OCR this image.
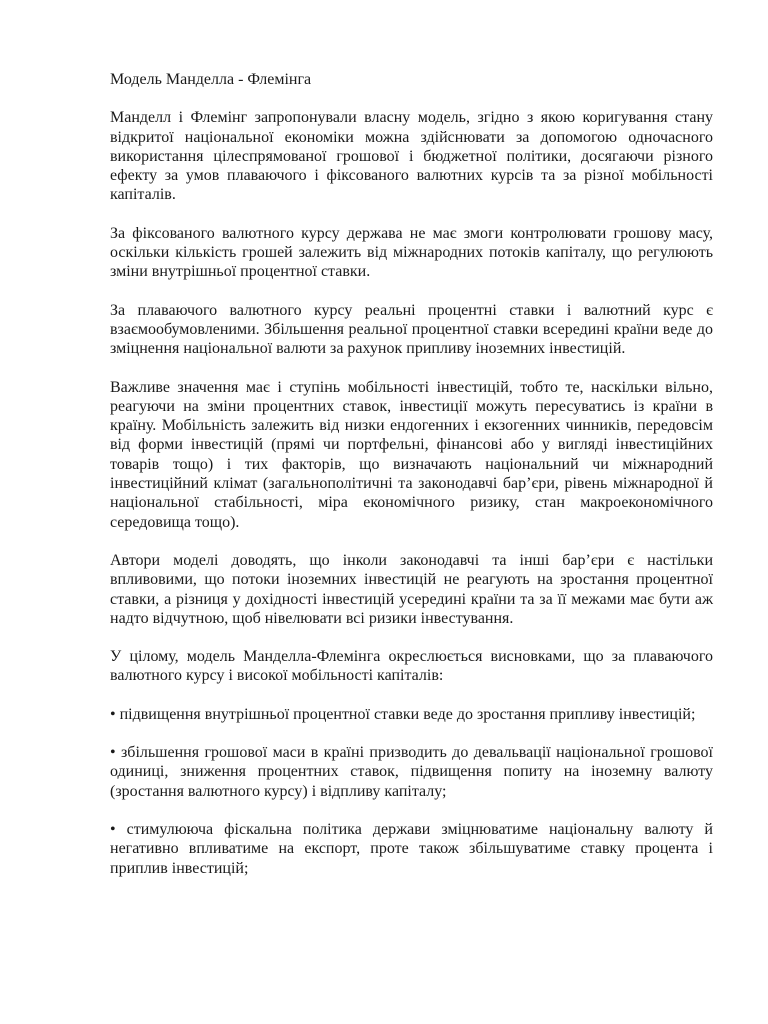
Модель Манделла - Флемінга

Манделл і Флемінг запропонували власну модель, згідно з якою коригування стану відкритої національної економіки можна здійснювати за допомогою одночасного використання цілеспрямованої грошової і бюджетної політики, досягаючи різного ефекту за умов плаваючого і фіксованого валютних курсів та за різної мобільності капіталів.

За фіксованого валютного курсу держава не має змоги контролювати грошову масу, оскільки кількість грошей залежить від міжнародних потоків капіталу, що регулюють зміни внутрішньої процентної ставки.

За плаваючого валютного курсу реальні процентні ставки і валютний курс є взаємообумовленими. Збільшення реальної процентної ставки всередині країни веде до зміцнення національної валюти за рахунок припливу іноземних інвестицій.

Важливе значення має і ступінь мобільності інвестицій, тобто те, наскільки вільно, реагуючи на зміни процентних ставок, інвестиції можуть пересуватись із країни в країну. Мобільність залежить від низки ендогенних і екзогенних чинників, передовсім від форми інвестицій (прямі чи портфельні, фінансові або у вигляді інвестиційних товарів тощо) і тих факторів, що визначають національний чи міжнародний інвестиційний клімат (загальнополітичні та законодавчі бар’єри, рівень міжнародної й національної стабільності, міра економічного ризику, стан макроекономічного середовища тощо).

Автори моделі доводять, що інколи законодавчі та інші бар’єри є настільки впливовими, що потоки іноземних інвестицій не реагують на зростання процентної ставки, а різниця у дохідності інвестицій усередині країни та за її межами має бути аж надто відчутною, щоб нівелювати всі ризики інвестування.

У цілому, модель Манделла-Флемінга окреслюється висновками, що за плаваючого валютного курсу і високої мобільності капіталів:

• підвищення внутрішньої процентної ставки веде до зростання припливу інвестицій;

• збільшення грошової маси в країні призводить до девальвації національної грошової одиниці, зниження процентних ставок, підвищення попиту на іноземну валюту (зростання валютного курсу) і відпливу капіталу;

• стимулююча фіскальна політика держави зміцнюватиме національну валюту й негативно впливатиме на експорт, проте також збільшуватиме ставку процента і приплив інвестицій;
